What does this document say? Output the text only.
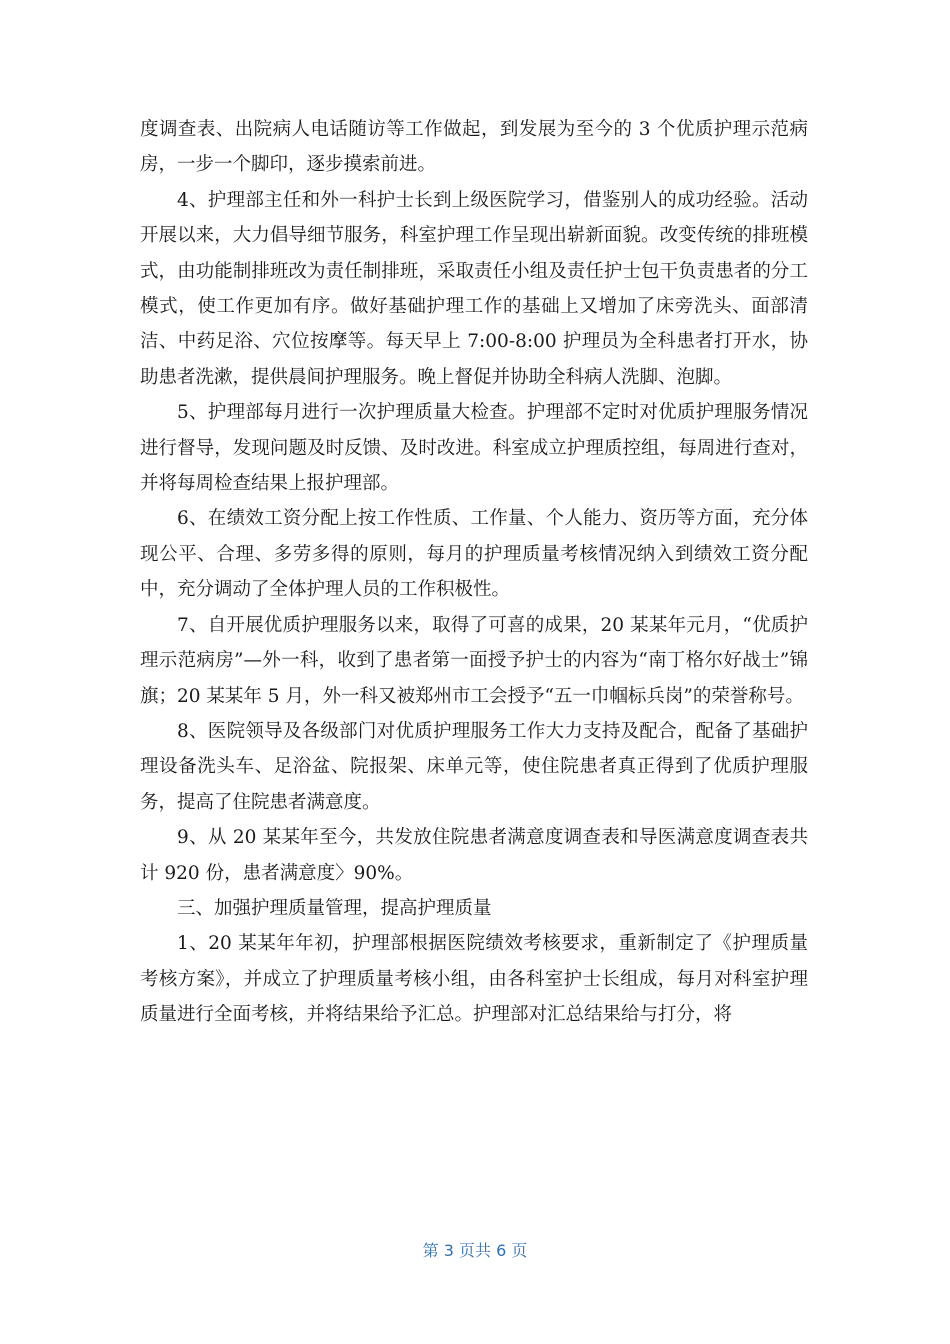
度调查表、出院病人电话随访等工作做起，到发展为至今的 3 个优质护理示范病房，一步一个脚印，逐步摸索前进。

4、护理部主任和外一科护士长到上级医院学习，借鉴别人的成功经验。活动开展以来，大力倡导细节服务，科室护理工作呈现出崭新面貌。改变传统的排班模式，由功能制排班改为责任制排班，采取责任小组及责任护士包干负责患者的分工模式，使工作更加有序。做好基础护理工作的基础上又增加了床旁洗头、面部清洁、中药足浴、穴位按摩等。每天早上 7:00-8:00 护理员为全科患者打开水，协助患者洗漱，提供晨间护理服务。晚上督促并协助全科病人洗脚、泡脚。

5、护理部每月进行一次护理质量大检查。护理部不定时对优质护理服务情况进行督导，发现问题及时反馈、及时改进。科室成立护理质控组，每周进行查对，并将每周检查结果上报护理部。

6、在绩效工资分配上按工作性质、工作量、个人能力、资历等方面，充分体现公平、合理、多劳多得的原则，每月的护理质量考核情况纳入到绩效工资分配中，充分调动了全体护理人员的工作积极性。

7、自开展优质护理服务以来，取得了可喜的成果，20 某某年元月，“优质护理示范病房”—外一科，收到了患者第一面授予护士的内容为“南丁格尔好战士”锦旗；20 某某年 5 月，外一科又被郑州市工会授予“五一巾帼标兵岗”的荣誉称号。

8、医院领导及各级部门对优质护理服务工作大力支持及配合，配备了基础护理设备洗头车、足浴盆、院报架、床单元等，使住院患者真正得到了优质护理服务，提高了住院患者满意度。

9、从 20 某某年至今，共发放住院患者满意度调查表和导医满意度调查表共计 920 份，患者满意度〉90%。

三、加强护理质量管理，提高护理质量

1、20 某某年年初，护理部根据医院绩效考核要求，重新制定了《护理质量考核方案》，并成立了护理质量考核小组，由各科室护士长组成，每月对科室护理质量进行全面考核，并将结果给予汇总。护理部对汇总结果给与打分，将

第 3 页共 6 页
